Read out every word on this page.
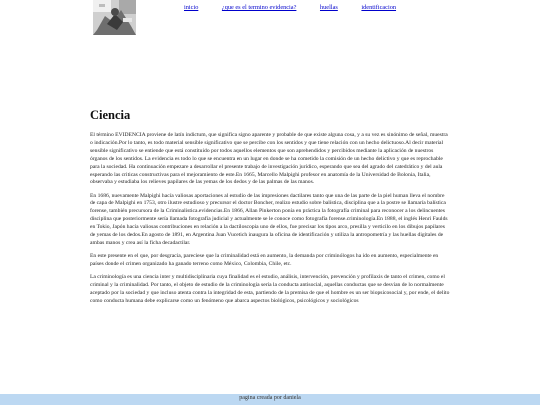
inicio	¿que es el termino evidencia?	huellas	identificacion
Ciencia

El término EVIDENCIA proviene de latín indictum, que significa signo aparente y probable de que existe alguna cosa, y a su vez es sinónimo de señal, muestra o indicación.Por lo tanto, es todo material sensible significativo que se percibe con los sentidos y que tiene relación con un hecho delictuoso.Al decir material sensible significativo se entiende que está constituido por todos aquellos elementos que son aprehendidos y percibidos mediante la aplicación de nuestros órganos de los sentidos. La evidencia es todo lo que se encuentra en un lugar en donde se ha cometido la comisión de un hecho delictivo y que es reprochable para la sociedad. Ha continuación empezare a desarrollar el presente trabajo de investigación jurídico, esperando que sea del agrado del catedrático y del aula esperando las criticas constructivas para el mejoramiento de este.En 1665, Marcello Malpighi profesor en anatomía de la Universidad de Bolonia, Italia, observaba y estudiaba los relieves papilares de las yemas de los dedos y de las palmas de las manos.

En 1686, nuevamente Malpighi hacía valiosas aportaciones al estudio de las impresiones dactilares tanto que una de las parte de la piel human lleva el nombre de capa de Malpighi en 1753, otro ilustre estudioso y precursor el doctor Boncher, realizo estudio sobre balística, disciplina que a la postre se llamaría balística forense, también precursora de la Criminalistica.evidencias.En 1866, Allan Pinkerton ponía en práctica la fotografía criminal para reconocer a los delincuentes disciplina que posteriormente sería llamada fotografía judicial y actualmente se le conoce como fotografía forense.criminología.En 1888, el inglés Henri Faulds en Tokio, Japón hacía valiosas contribuciones en relación a la dactiloscopia uno de ellos, fue precisar los tipos arco, presilla y verticilo en los dibujos papilares de yemas de los dedos.En agosto de 1891, en Argentina Juan Vucetich inaugura la oficina de identificación y utiliza la antropometría y las huellas digitales de ambas manos y crea así la ficha decadactilar.

En este presente en el que, por desgracia, pareciese que la criminalidad está en aumento, la demanda por criminólogos ha ido en aumento, especialmente en países donde el crimen organizado ha ganado terreno como México, Colombia, Chile, etc.

La criminología es una ciencia inter y multidisciplinaria cuya finalidad es el estudio, análisis, intervención, prevención y profilaxis de tanto el crimen, como el criminal y la criminalidad. Por tanto, el objeto de estudio de la criminología sería la conducta antisocial, aquellas conductas que se desvían de lo normalmente aceptado por la sociedad y que incluso atenta contra la integridad de esta, partiendo de la premisa de que el hombre es un ser biopsicosocial y, por ende, el delito como conducta humana debe explicarse como un fenómeno que abarca aspectos biológicos, psicológicos y sociológicos

pagina creada por daniela
